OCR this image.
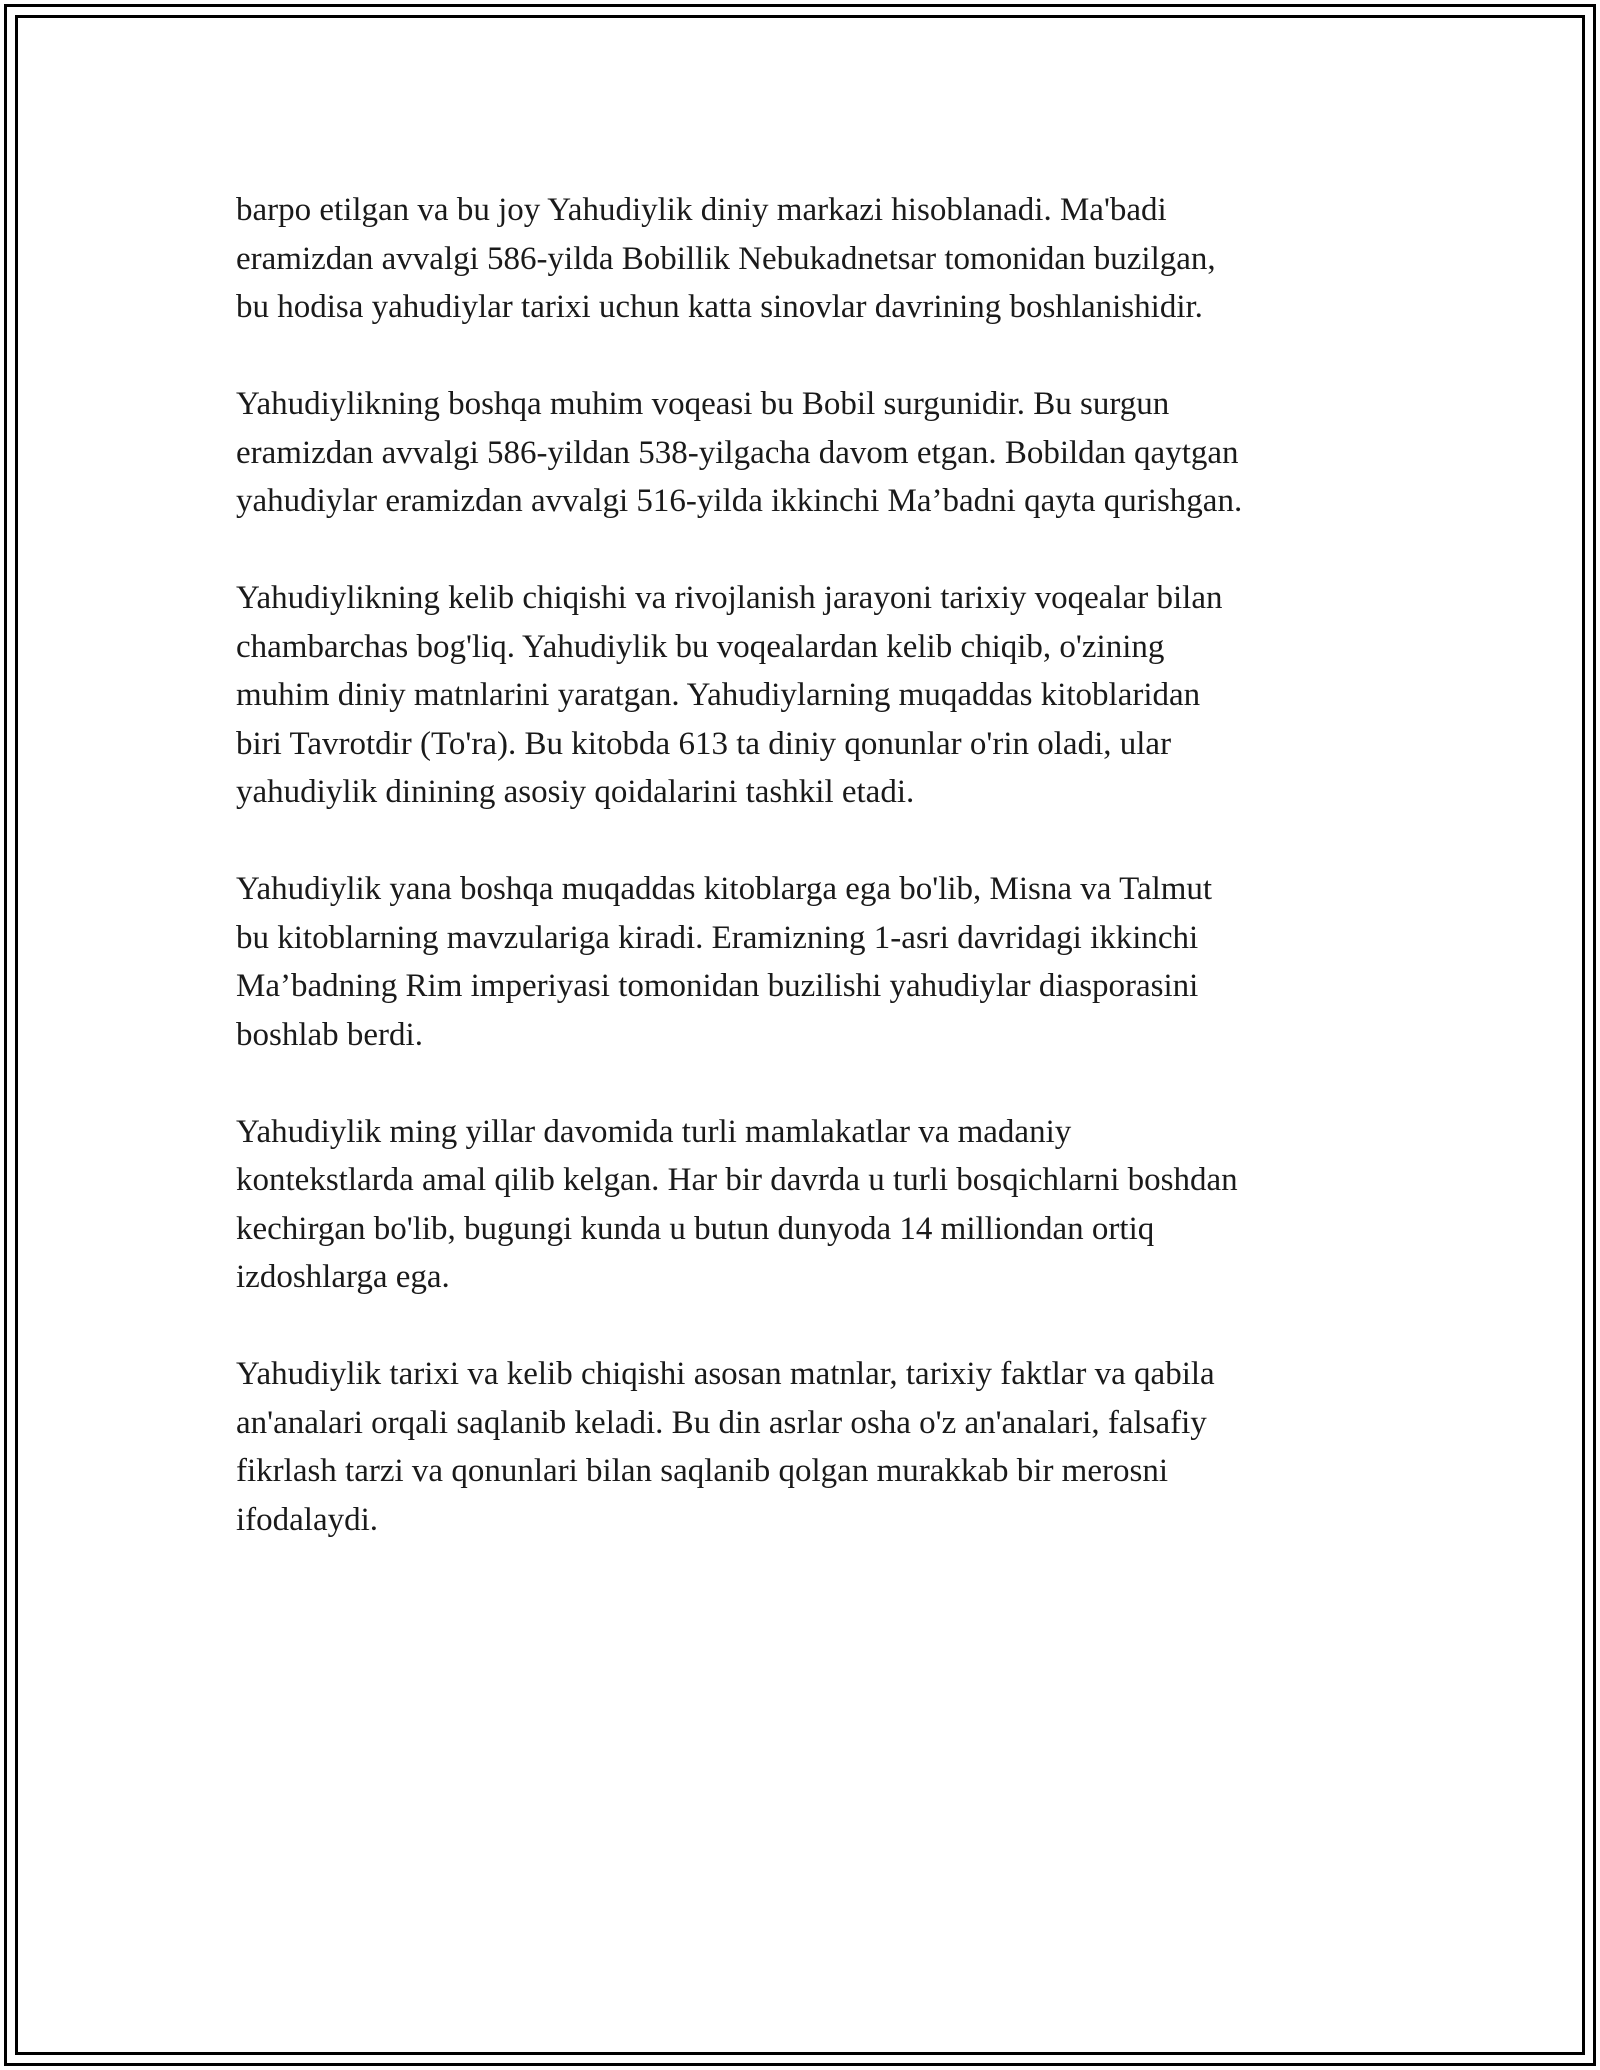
barpo etilgan va bu joy Yahudiylik diniy markazi hisoblanadi. Ma'badi
eramizdan avvalgi 586-yilda Bobillik Nebukadnetsar tomonidan buzilgan,
bu hodisa yahudiylar tarixi uchun katta sinovlar davrining boshlanishidir.

Yahudiylikning boshqa muhim voqeasi bu Bobil surgunidir. Bu surgun
eramizdan avvalgi 586-yildan 538-yilgacha davom etgan. Bobildan qaytgan
yahudiylar eramizdan avvalgi 516-yilda ikkinchi Ma’badni qayta qurishgan.

Yahudiylikning kelib chiqishi va rivojlanish jarayoni tarixiy voqealar bilan
chambarchas bog'liq. Yahudiylik bu voqealardan kelib chiqib, o'zining
muhim diniy matnlarini yaratgan. Yahudiylarning muqaddas kitoblaridan
biri Tavrotdir (To'ra). Bu kitobda 613 ta diniy qonunlar o'rin oladi, ular
yahudiylik dinining asosiy qoidalarini tashkil etadi.

Yahudiylik yana boshqa muqaddas kitoblarga ega bo'lib, Misna va Talmut
bu kitoblarning mavzulariga kiradi. Eramizning 1-asri davridagi ikkinchi
Ma’badning Rim imperiyasi tomonidan buzilishi yahudiylar diasporasini
boshlab berdi.

Yahudiylik ming yillar davomida turli mamlakatlar va madaniy
kontekstlarda amal qilib kelgan. Har bir davrda u turli bosqichlarni boshdan
kechirgan bo'lib, bugungi kunda u butun dunyoda 14 milliondan ortiq
izdoshlarga ega.

Yahudiylik tarixi va kelib chiqishi asosan matnlar, tarixiy faktlar va qabila
an'analari orqali saqlanib keladi. Bu din asrlar osha o'z an'analari, falsafiy
fikrlash tarzi va qonunlari bilan saqlanib qolgan murakkab bir merosni
ifodalaydi.
